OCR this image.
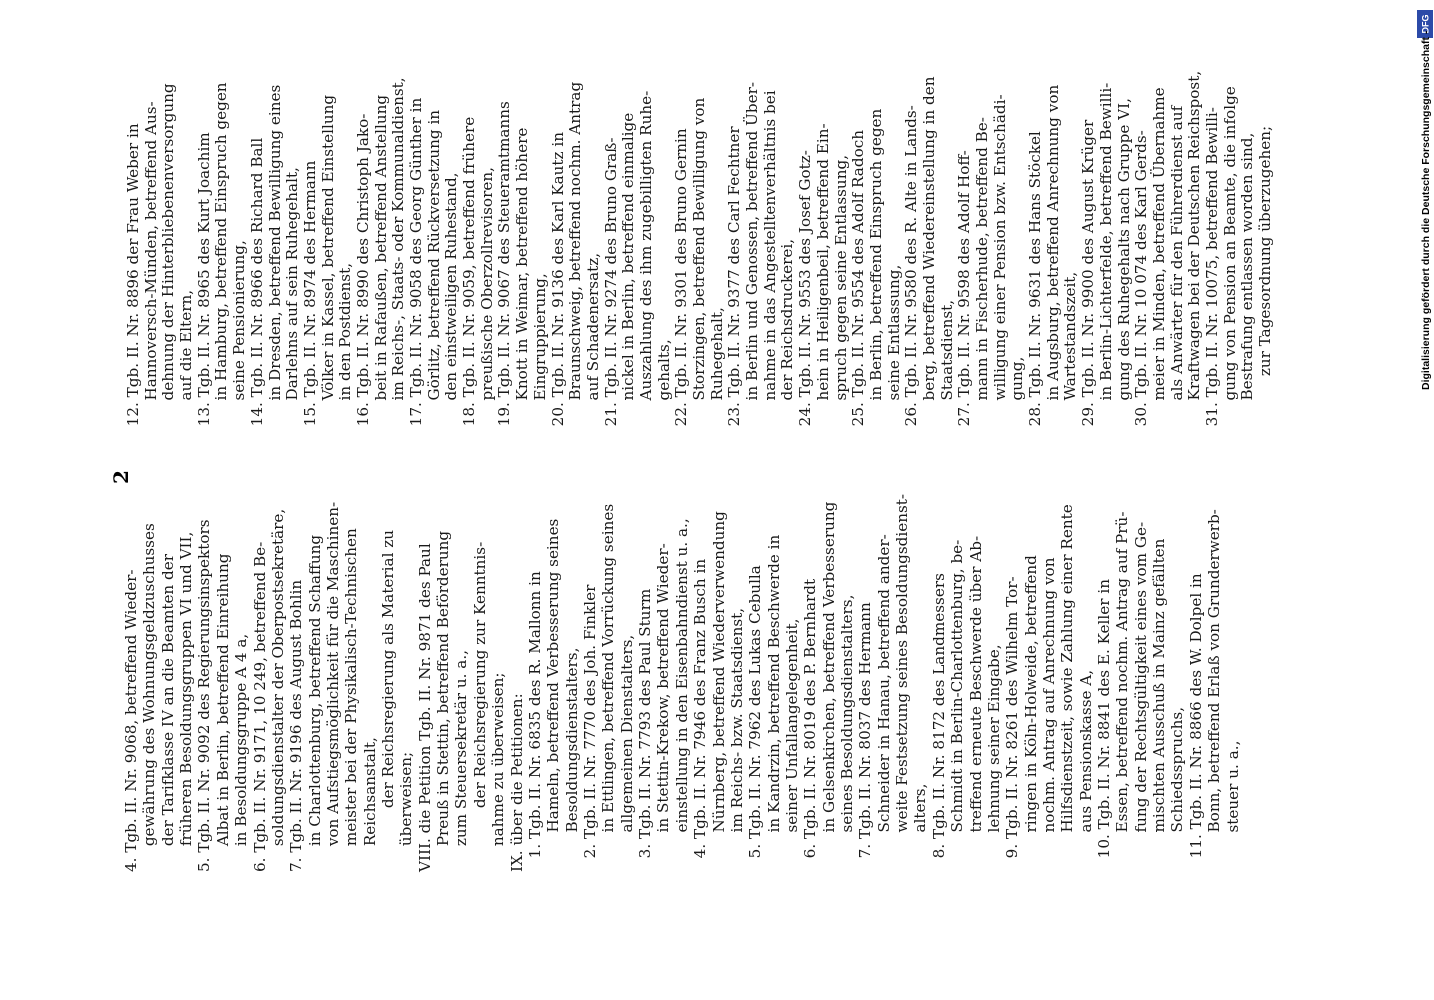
2
4. Tgb. II. Nr. 9068, betreffend Wieder- gewährung des Wohnungsgeldzuschusses der Tarifklasse IV an die Beamten der früheren Besoldungsgruppen VI und VII, 5. Tgb. II. Nr. 9092 des Regierungsinspektors Albat in Berlin, betreffend Einreihung in Besoldungsgruppe A 4 a, 6. Tgb. II. Nr. 9171, 10 249, betreffend Be- soldungsdienstalter der Oberpostsekretäre, 7. Tgb. II. Nr. 9196 des August Bohlin in Charlottenburg, betreffend Schaffung von Aufstiegsmöglichkeit für die Maschinen- meister bei der Physikalisch-Technischen Reichsanstalt, der Reichsregierung als Material zu überweisen; VIII. die Petition Tgb. II. Nr. 9871 des Paul Preuß in Stettin, betreffend Beförderung zum Steuersekretär u. a., der Reichsregierung zur Kenntnis- nahme zu überweisen; IX. über die Petitionen: 1. Tgb. II. Nr. 6835 des R. Mallonn in Hameln, betreffend Verbesserung seines Besoldungsdienstalters, 2. Tgb. II. Nr. 7770 des Joh. Finkler in Ettlingen, betreffend Vorrückung seines allgemeinen Dienstalters, 3. Tgb. II. Nr. 7793 des Paul Sturm in Stettin-Krekow, betreffend Wieder- einstellung in den Eisenbahndienst u. a., 4. Tgb. II. Nr. 7946 des Franz Busch in Nürnberg, betreffend Wiederverwendung im Reichs- bzw. Staatsdienst, 5. Tgb. II. Nr. 7962 des Lukas Cebulla in Kandrzin, betreffend Beschwerde in seiner Unfallangelegenheit, 6. Tgb. II. Nr. 8019 des P. Bernhardt in Gelsenkirchen, betreffend Verbesserung seines Besoldungsdienstalters, 7. Tgb. II. Nr. 8037 des Hermann Schneider in Hanau, betreffend ander- weite Festsetzung seines Besoldungsdienst- alters, 8. Tgb. II. Nr. 8172 des Landmessers Schmidt in Berlin-Charlottenburg, be- treffend erneute Beschwerde über Ab- lehnung seiner Eingabe, 9. Tgb. II. Nr. 8261 des Wilhelm Tor- ringen in Köln-Holweide, betreffend nochm. Antrag auf Anrechnung von Hilfsdienstzeit, sowie Zahlung einer Rente aus Pensionskasse A, 10. Tgb. II. Nr. 8841 des E. Keller in Essen, betreffend nochm. Antrag auf Prü- fung der Rechtsgültigkeit eines vom Ge- mischten Ausschuß in Mainz gefällten Schiedsspruchs, 11. Tgb. II. Nr. 8866 des W. Dolpel in Bonn, betreffend Erlaß von Grunderwerb- steuer u. a.,
12. Tgb. II. Nr. 8896 der Frau Weber in Hannoversch-Münden, betreffend Aus- dehnung der Hinterbliebenenversorgung auf die Eltern, 13. Tgb. II. Nr. 8965 des Kurt Joachim in Hamburg, betreffend Einspruch gegen seine Pensionierung, 14. Tgb. II. Nr. 8966 des Richard Ball in Dresden, betreffend Bewilligung eines Darlehns auf sein Ruhegehalt, 15. Tgb. II. Nr. 8974 des Hermann Völker in Kassel, betreffend Einstellung in den Postdienst, 16. Tgb. II. Nr. 8990 des Christoph Jako- beit in Rafaußen, betreffend Anstellung im Reichs-, Staats- oder Kommunaldienst, 17. Tgb. II. Nr. 9058 des Georg Günther in Görlitz, betreffend Rückversetzung in den einstweiligen Ruhestand, 18. Tgb. II. Nr. 9059, betreffend frühere preußische Oberzollrevisoren, 19. Tgb. II. Nr. 9067 des Steueramtmanns Knott in Weimar, betreffend höhere Eingruppierung, 20. Tgb. II. Nr. 9136 des Karl Kautz in Braunschweig, betreffend nochm. Antrag auf Schadenersatz, 21. Tgb. II. Nr. 9274 des Bruno Graß- nickel in Berlin, betreffend einmalige Auszahlung des ihm zugebilligten Ruhe- gehalts, 22. Tgb. II. Nr. 9301 des Bruno Gernin Storzingen, betreffend Bewilligung von Ruhegehalt, 23. Tgb. II. Nr. 9377 des Carl Fechtner in Berlin und Genossen, betreffend Über- nahme in das Angestelltenverhältnis bei der Reichsdruckerei, 24. Tgb. II. Nr. 9553 des Josef Gotz- hein in Heiligenbeil, betreffend Ein- spruch gegen seine Entlassung, 25. Tgb. II. Nr. 9554 des Adolf Radoch in Berlin, betreffend Einspruch gegen seine Entlassung, 26. Tgb. II. Nr. 9580 des R. Alte in Lands- berg, betreffend Wiedereinstellung in den Staatsdienst, 27. Tgb. II. Nr. 9598 des Adolf Hoff- mann in Fischerhude, betreffend Be- willigung einer Pension bzw. Entschädi- gung, 28. Tgb. II. Nr. 9631 des Hans Stöckel in Augsburg, betreffend Anrechnung von Wartestandszeit, 29. Tgb. II. Nr. 9900 des August Krüger in Berlin-Lichterfelde, betreffend Bewilli- gung des Ruhegehalts nach Gruppe VI, 30. Tgb. II. Nr. 10 074 des Karl Gerds- meier in Minden, betreffend Übernahme als Anwärter für den Führerdienst auf Kraftwagen bei der Deutschen Reichspost, 31. Tgb. II. Nr. 10075, betreffend Bewilli- gung von Pension an Beamte, die infolge Bestrafung entlassen worden sind, zur Tagesordnung überzugehen;
DFG
Digitalisierung gefördert durch die Deutsche Forschungsgemeinschaft -
